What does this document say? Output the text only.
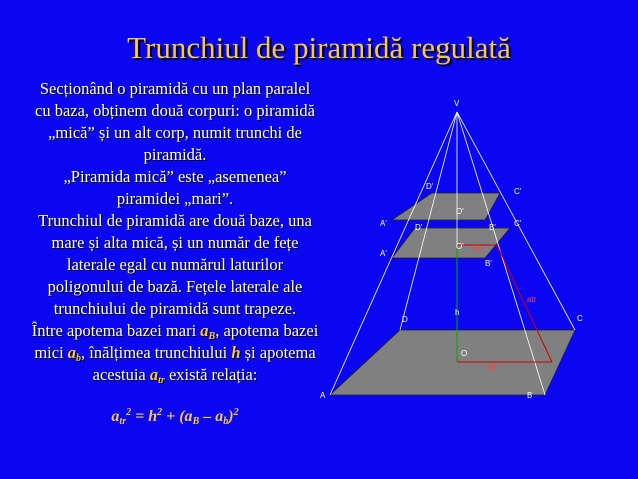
Trunchiul de piramidă regulată

Secționând o piramidă cu un plan paralel cu baza, obținem două corpuri: o piramidă „mică” și un alt corp, numit trunchi de piramidă.

„Piramida mică” este „asemenea” piramidei „mari”.

Trunchiul de piramidă are două baze, una mare și alta mică, și un număr de fețe laterale egal cu numărul laturilor poligonului de bază. Fețele laterale ale trunchiului de piramidă sunt trapeze.

Între apotema bazei mari $a_B$, apotema bazei mici $a_b$, înălțimea trunchiului h și apotema acestuia $a_{tr}$ există relația:

$a_{tr}^2 = h^2 + (a_B - a_b)^2$
V
D'
C'
O'
A'	D'	B' C'
O' ab
A'
B'
atr
h
D	C
O
aB
A	B
